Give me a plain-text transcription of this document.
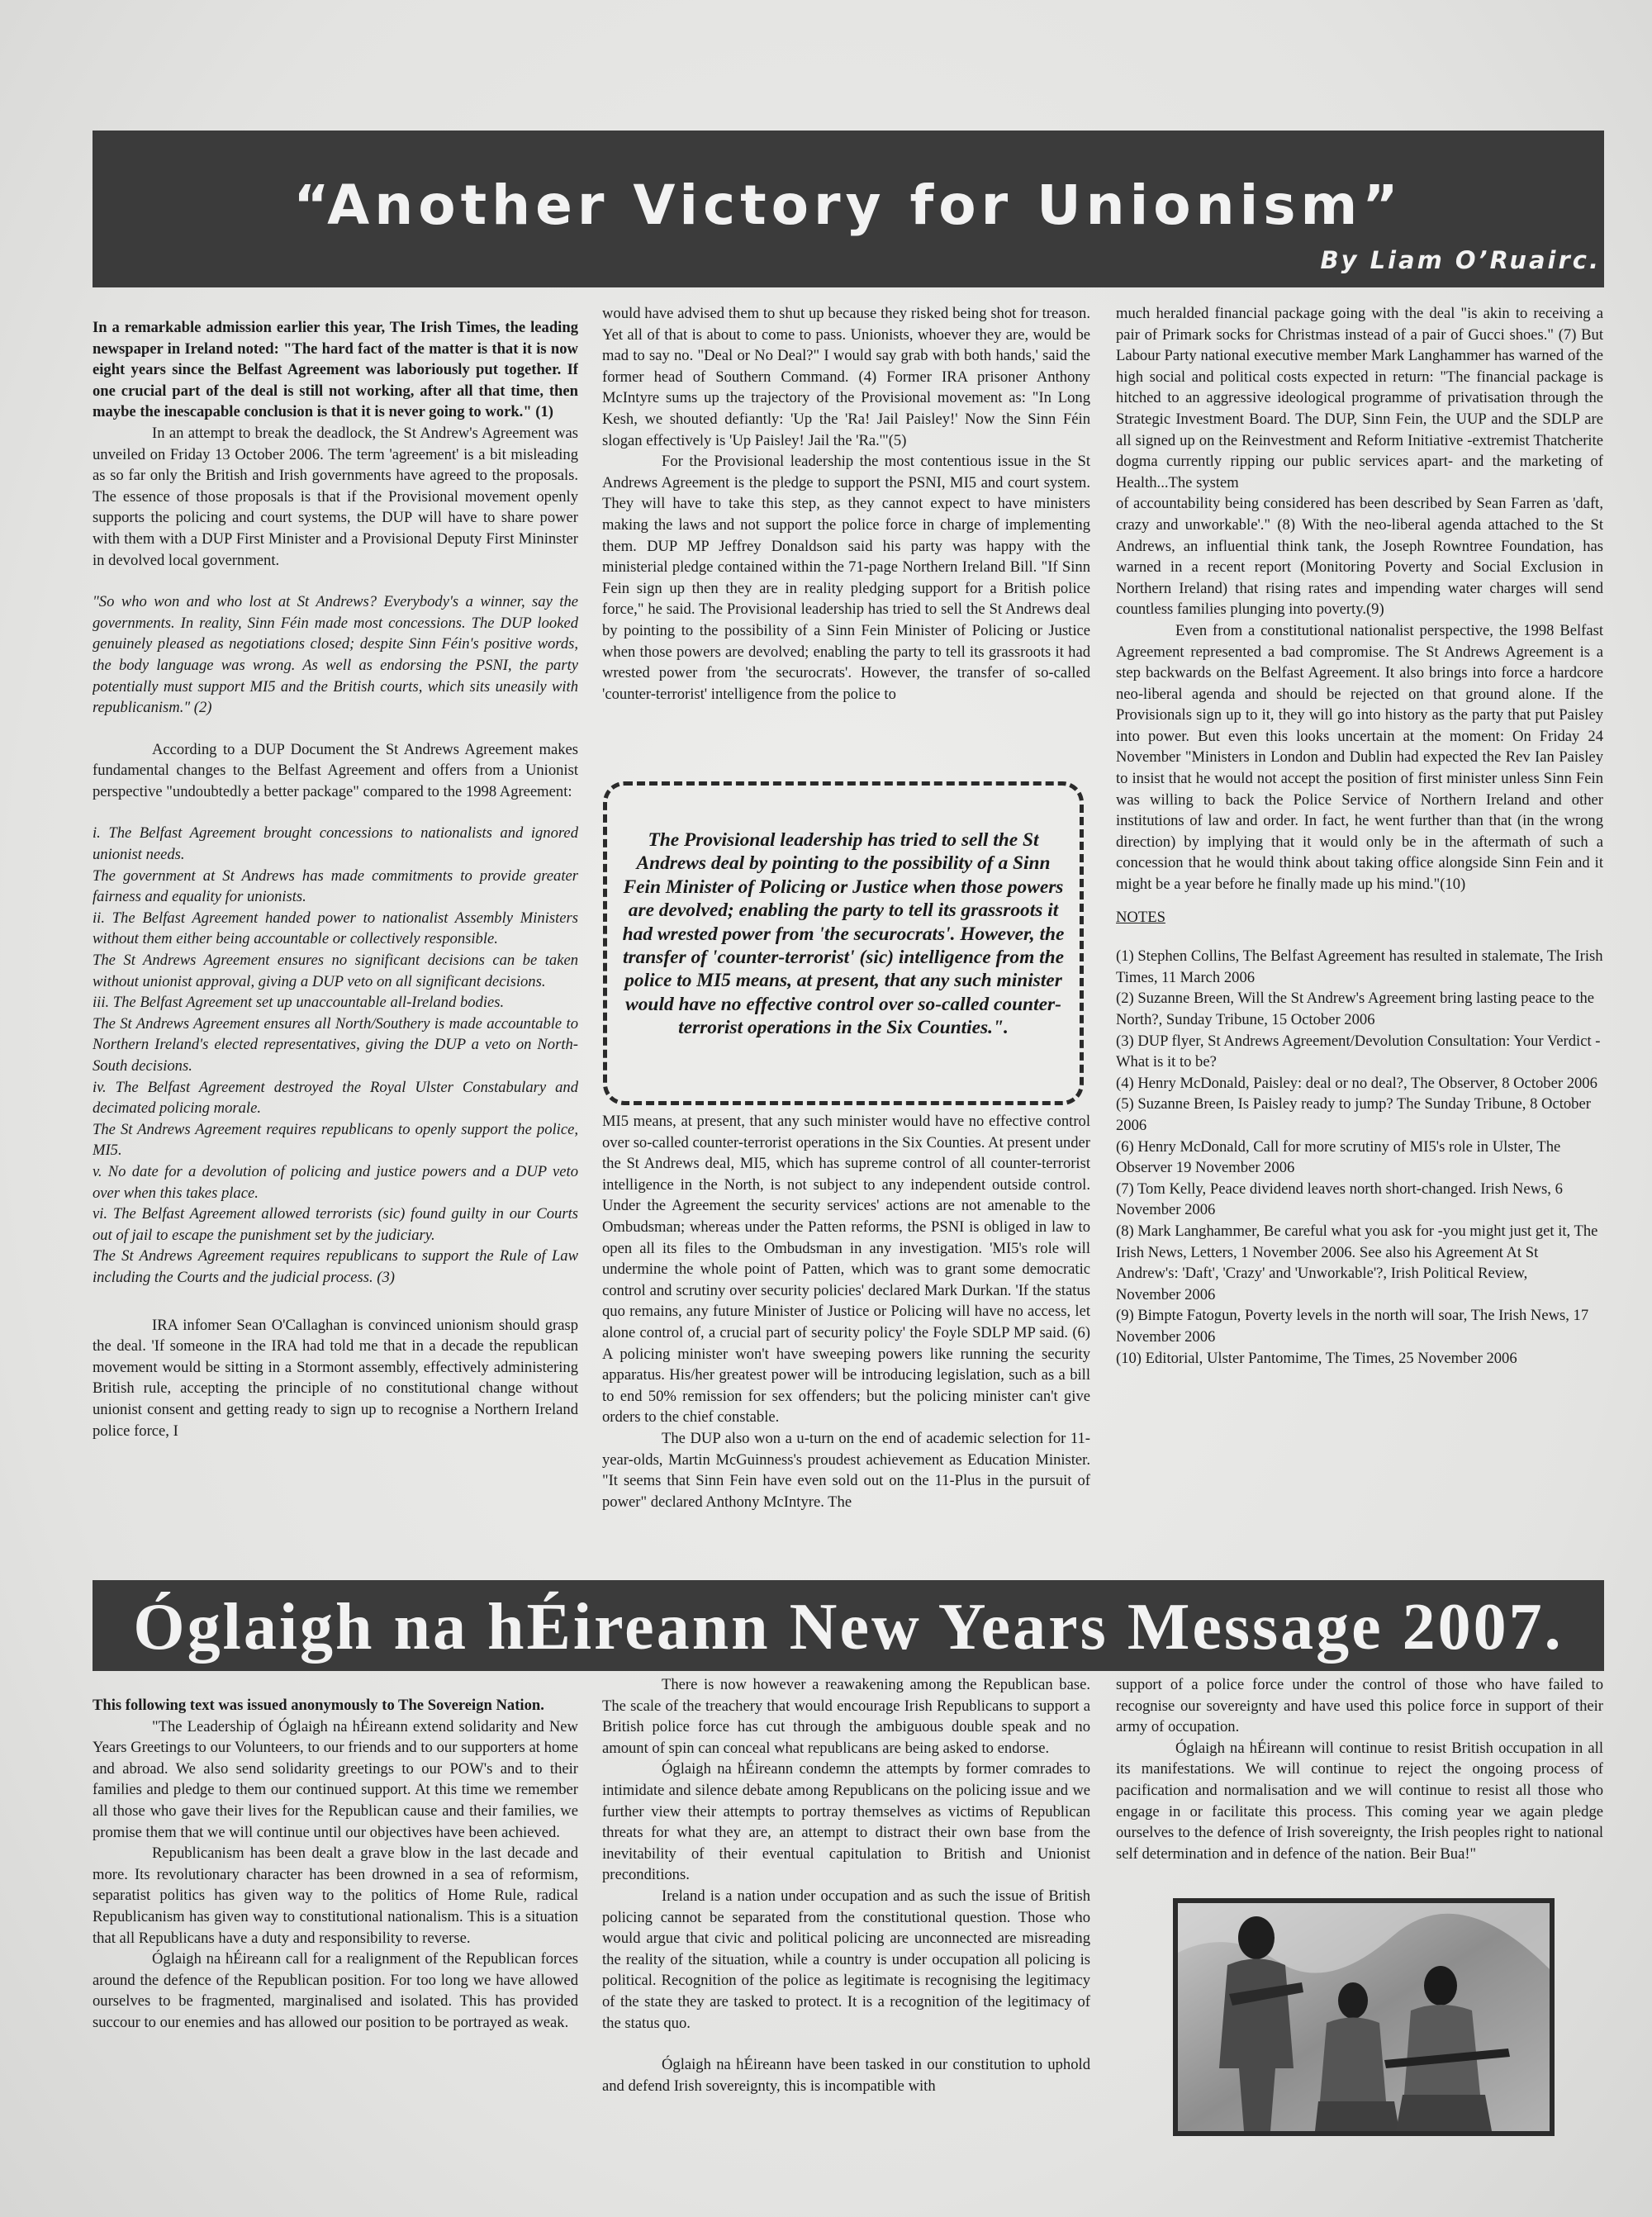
“Another Victory for Unionism”
By Liam O’Ruairc.

In a remarkable admission earlier this year, The Irish Times, the leading newspaper in Ireland noted: "The hard fact of the matter is that it is now eight years since the Belfast Agreement was laboriously put together. If one crucial part of the deal is still not working, after all that time, then maybe the inescapable conclusion is that it is never going to work." (1)

In an attempt to break the deadlock, the St Andrew's Agreement was unveiled on Friday 13 October 2006. The term 'agreement' is a bit misleading as so far only the British and Irish governments have agreed to the proposals. The essence of those proposals is that if the Provisional movement openly supports the policing and court systems, the DUP will have to share power with them with a DUP First Minister and a Provisional Deputy First Mininster in devolved local government.

"So who won and who lost at St Andrews? Everybody's a winner, say the governments. In reality, Sinn Féin made most concessions. The DUP looked genuinely pleased as negotiations closed; despite Sinn Féin's positive words, the body language was wrong. As well as endorsing the PSNI, the party potentially must support MI5 and the British courts, which sits uneasily with republicanism." (2)

According to a DUP Document the St Andrews Agreement makes fundamental changes to the Belfast Agreement and offers from a Unionist perspective "undoubtedly a better package" compared to the 1998 Agreement:

i. The Belfast Agreement brought concessions to nationalists and ignored unionist needs.

The government at St Andrews has made commitments to provide greater fairness and equality for unionists.

ii. The Belfast Agreement handed power to nationalist Assembly Ministers without them either being accountable or collectively responsible.

The St Andrews Agreement ensures no significant decisions can be taken without unionist approval, giving a DUP veto on all significant decisions.

iii. The Belfast Agreement set up unaccountable all-Ireland bodies.

The St Andrews Agreement ensures all North/Southery is made accountable to Northern Ireland's elected representatives, giving the DUP a veto on North-South decisions.

iv. The Belfast Agreement destroyed the Royal Ulster Constabulary and decimated policing morale.

The St Andrews Agreement requires republicans to openly support the police, MI5.

v. No date for a devolution of policing and justice powers and a DUP veto over when this takes place.

vi. The Belfast Agreement allowed terrorists (sic) found guilty in our Courts out of jail to escape the punishment set by the judiciary.

The St Andrews Agreement requires republicans to support the Rule of Law including the Courts and the judicial process. (3)

IRA infomer Sean O'Callaghan is convinced unionism should grasp the deal. 'If someone in the IRA had told me that in a decade the republican movement would be sitting in a Stormont assembly, effectively administering British rule, accepting the principle of no constitutional change without unionist consent and getting ready to sign up to recognise a Northern Ireland police force, I

would have advised them to shut up because they risked being shot for treason. Yet all of that is about to come to pass. Unionists, whoever they are, would be mad to say no. "Deal or No Deal?" I would say grab with both hands,' said the former head of Southern Command. (4) Former IRA prisoner Anthony McIntyre sums up the trajectory of the Provisional movement as: "In Long Kesh, we shouted defiantly: 'Up the 'Ra! Jail Paisley!' Now the Sinn Féin slogan effectively is 'Up Paisley! Jail the 'Ra.'"(5)

For the Provisional leadership the most contentious issue in the St Andrews Agreement is the pledge to support the PSNI, MI5 and court system. They will have to take this step, as they cannot expect to have ministers making the laws and not support the police force in charge of implementing them. DUP MP Jeffrey Donaldson said his party was happy with the ministerial pledge contained within the 71-page Northern Ireland Bill. "If Sinn Fein sign up then they are in reality pledging support for a British police force," he said. The Provisional leadership has tried to sell the St Andrews deal by pointing to the possibility of a Sinn Fein Minister of Policing or Justice when those powers are devolved; enabling the party to tell its grassroots it had wrested power from 'the securocrats'. However, the transfer of so-called 'counter-terrorist' intelligence from the police to

The Provisional leadership has tried to sell the St Andrews deal by pointing to the possibility of a Sinn Fein Minister of Policing or Justice when those powers are devolved; enabling the party to tell its grassroots it had wrested power from 'the securocrats'. However, the transfer of 'counter-terrorist' (sic) intelligence from the police to MI5 means, at present, that any such minister would have no effective control over so-called counter-terrorist operations in the Six Counties.".

MI5 means, at present, that any such minister would have no effective control over so-called counter-terrorist operations in the Six Counties. At present under the St Andrews deal, MI5, which has supreme control of all counter-terrorist intelligence in the North, is not subject to any independent outside control. Under the Agreement the security services' actions are not amenable to the Ombudsman; whereas under the Patten reforms, the PSNI is obliged in law to open all its files to the Ombudsman in any investigation. 'MI5's role will undermine the whole point of Patten, which was to grant some democratic control and scrutiny over security policies' declared Mark Durkan. 'If the status quo remains, any future Minister of Justice or Policing will have no access, let alone control of, a crucial part of security policy' the Foyle SDLP MP said. (6) A policing minister won't have sweeping powers like running the security apparatus. His/her greatest power will be introducing legislation, such as a bill to end 50% remission for sex offenders; but the policing minister can't give orders to the chief constable.

The DUP also won a u-turn on the end of academic selection for 11-year-olds, Martin McGuinness's proudest achievement as Education Minister. "It seems that Sinn Fein have even sold out on the 11-Plus in the pursuit of power" declared Anthony McIntyre. The

much heralded financial package going with the deal "is akin to receiving a pair of Primark socks for Christmas instead of a pair of Gucci shoes." (7) But Labour Party national executive member Mark Langhammer has warned of the high social and political costs expected in return: "The financial package is hitched to an aggressive ideological programme of privatisation through the Strategic Investment Board. The DUP, Sinn Fein, the UUP and the SDLP are all signed up on the Reinvestment and Reform Initiative -extremist Thatcherite dogma currently ripping our public services apart- and the marketing of Health...The system

of accountability being considered has been described by Sean Farren as 'daft, crazy and unworkable'." (8) With the neo-liberal agenda attached to the St Andrews, an influential think tank, the Joseph Rowntree Foundation, has warned in a recent report (Monitoring Poverty and Social Exclusion in Northern Ireland) that rising rates and impending water charges will send countless families plunging into poverty.(9)

Even from a constitutional nationalist perspective, the 1998 Belfast Agreement represented a bad compromise. The St Andrews Agreement is a step backwards on the Belfast Agreement. It also brings into force a hardcore neo-liberal agenda and should be rejected on that ground alone. If the Provisionals sign up to it, they will go into history as the party that put Paisley into power. But even this looks uncertain at the moment: On Friday 24 November "Ministers in London and Dublin had expected the Rev Ian Paisley to insist that he would not accept the position of first minister unless Sinn Fein was willing to back the Police Service of Northern Ireland and other institutions of law and order. In fact, he went further than that (in the wrong direction) by implying that it would only be in the aftermath of such a concession that he would think about taking office alongside Sinn Fein and it might be a year before he finally made up his mind."(10)

NOTES

(1) Stephen Collins, The Belfast Agreement has resulted in stalemate, The Irish Times, 11 March 2006

(2) Suzanne Breen, Will the St Andrew's Agreement bring lasting peace to the North?, Sunday Tribune, 15 October 2006

(3) DUP flyer, St Andrews Agreement/Devolution Consultation: Your Verdict -What is it to be?

(4) Henry McDonald, Paisley: deal or no deal?, The Observer, 8 October 2006

(5) Suzanne Breen, Is Paisley ready to jump? The Sunday Tribune, 8 October 2006

(6) Henry McDonald, Call for more scrutiny of MI5's role in Ulster, The Observer 19 November 2006

(7) Tom Kelly, Peace dividend leaves north short-changed. Irish News, 6 November 2006

(8) Mark Langhammer, Be careful what you ask for -you might just get it, The Irish News, Letters, 1 November 2006. See also his Agreement At St Andrew's: 'Daft', 'Crazy' and 'Unworkable'?, Irish Political Review,

November 2006

(9) Bimpte Fatogun, Poverty levels in the north will soar, The Irish News, 17 November 2006

(10) Editorial, Ulster Pantomime, The Times, 25 November 2006

Óglaigh na hÉireann New Years Message 2007.

This following text was issued anonymously to The Sovereign Nation.

"The Leadership of Óglaigh na hÉireann extend solidarity and New Years Greetings to our Volunteers, to our friends and to our supporters at home and abroad. We also send solidarity greetings to our POW's and to their families and pledge to them our continued support. At this time we remember all those who gave their lives for the Republican cause and their families, we promise them that we will continue until our objectives have been achieved.

Republicanism has been dealt a grave blow in the last decade and more. Its revolutionary character has been drowned in a sea of reformism, separatist politics has given way to the politics of Home Rule, radical Republicanism has given way to constitutional nationalism. This is a situation that all Republicans have a duty and responsibility to reverse.

Óglaigh na hÉireann call for a realignment of the Republican forces around the defence of the Republican position. For too long we have allowed ourselves to be fragmented, marginalised and isolated. This has provided succour to our enemies and has allowed our position to be portrayed as weak.

There is now however a reawakening among the Republican base. The scale of the treachery that would encourage Irish Republicans to support a British police force has cut through the ambiguous double speak and no amount of spin can conceal what republicans are being asked to endorse.

Óglaigh na hÉireann condemn the attempts by former comrades to intimidate and silence debate among Republicans on the policing issue and we further view their attempts to portray themselves as victims of Republican threats for what they are, an attempt to distract their own base from the inevitability of their eventual capitulation to British and Unionist preconditions.

Ireland is a nation under occupation and as such the issue of British policing cannot be separated from the constitutional question. Those who would argue that civic and political policing are unconnected are misreading the reality of the situation, while a country is under occupation all policing is political. Recognition of the police as legitimate is recognising the legitimacy of the state they are tasked to protect. It is a recognition of the legitimacy of the status quo.

Óglaigh na hÉireann have been tasked in our constitution to uphold and defend Irish sovereignty, this is incompatible with

support of a police force under the control of those who have failed to recognise our sovereignty and have used this police force in support of their army of occupation.

Óglaigh na hÉireann will continue to resist British occupation in all its manifestations. We will continue to reject the ongoing process of pacification and normalisation and we will continue to resist all those who engage in or facilitate this process. This coming year we again pledge ourselves to the defence of Irish sovereignty, the Irish peoples right to national self determination and in defence of the nation. Beir Bua!"
